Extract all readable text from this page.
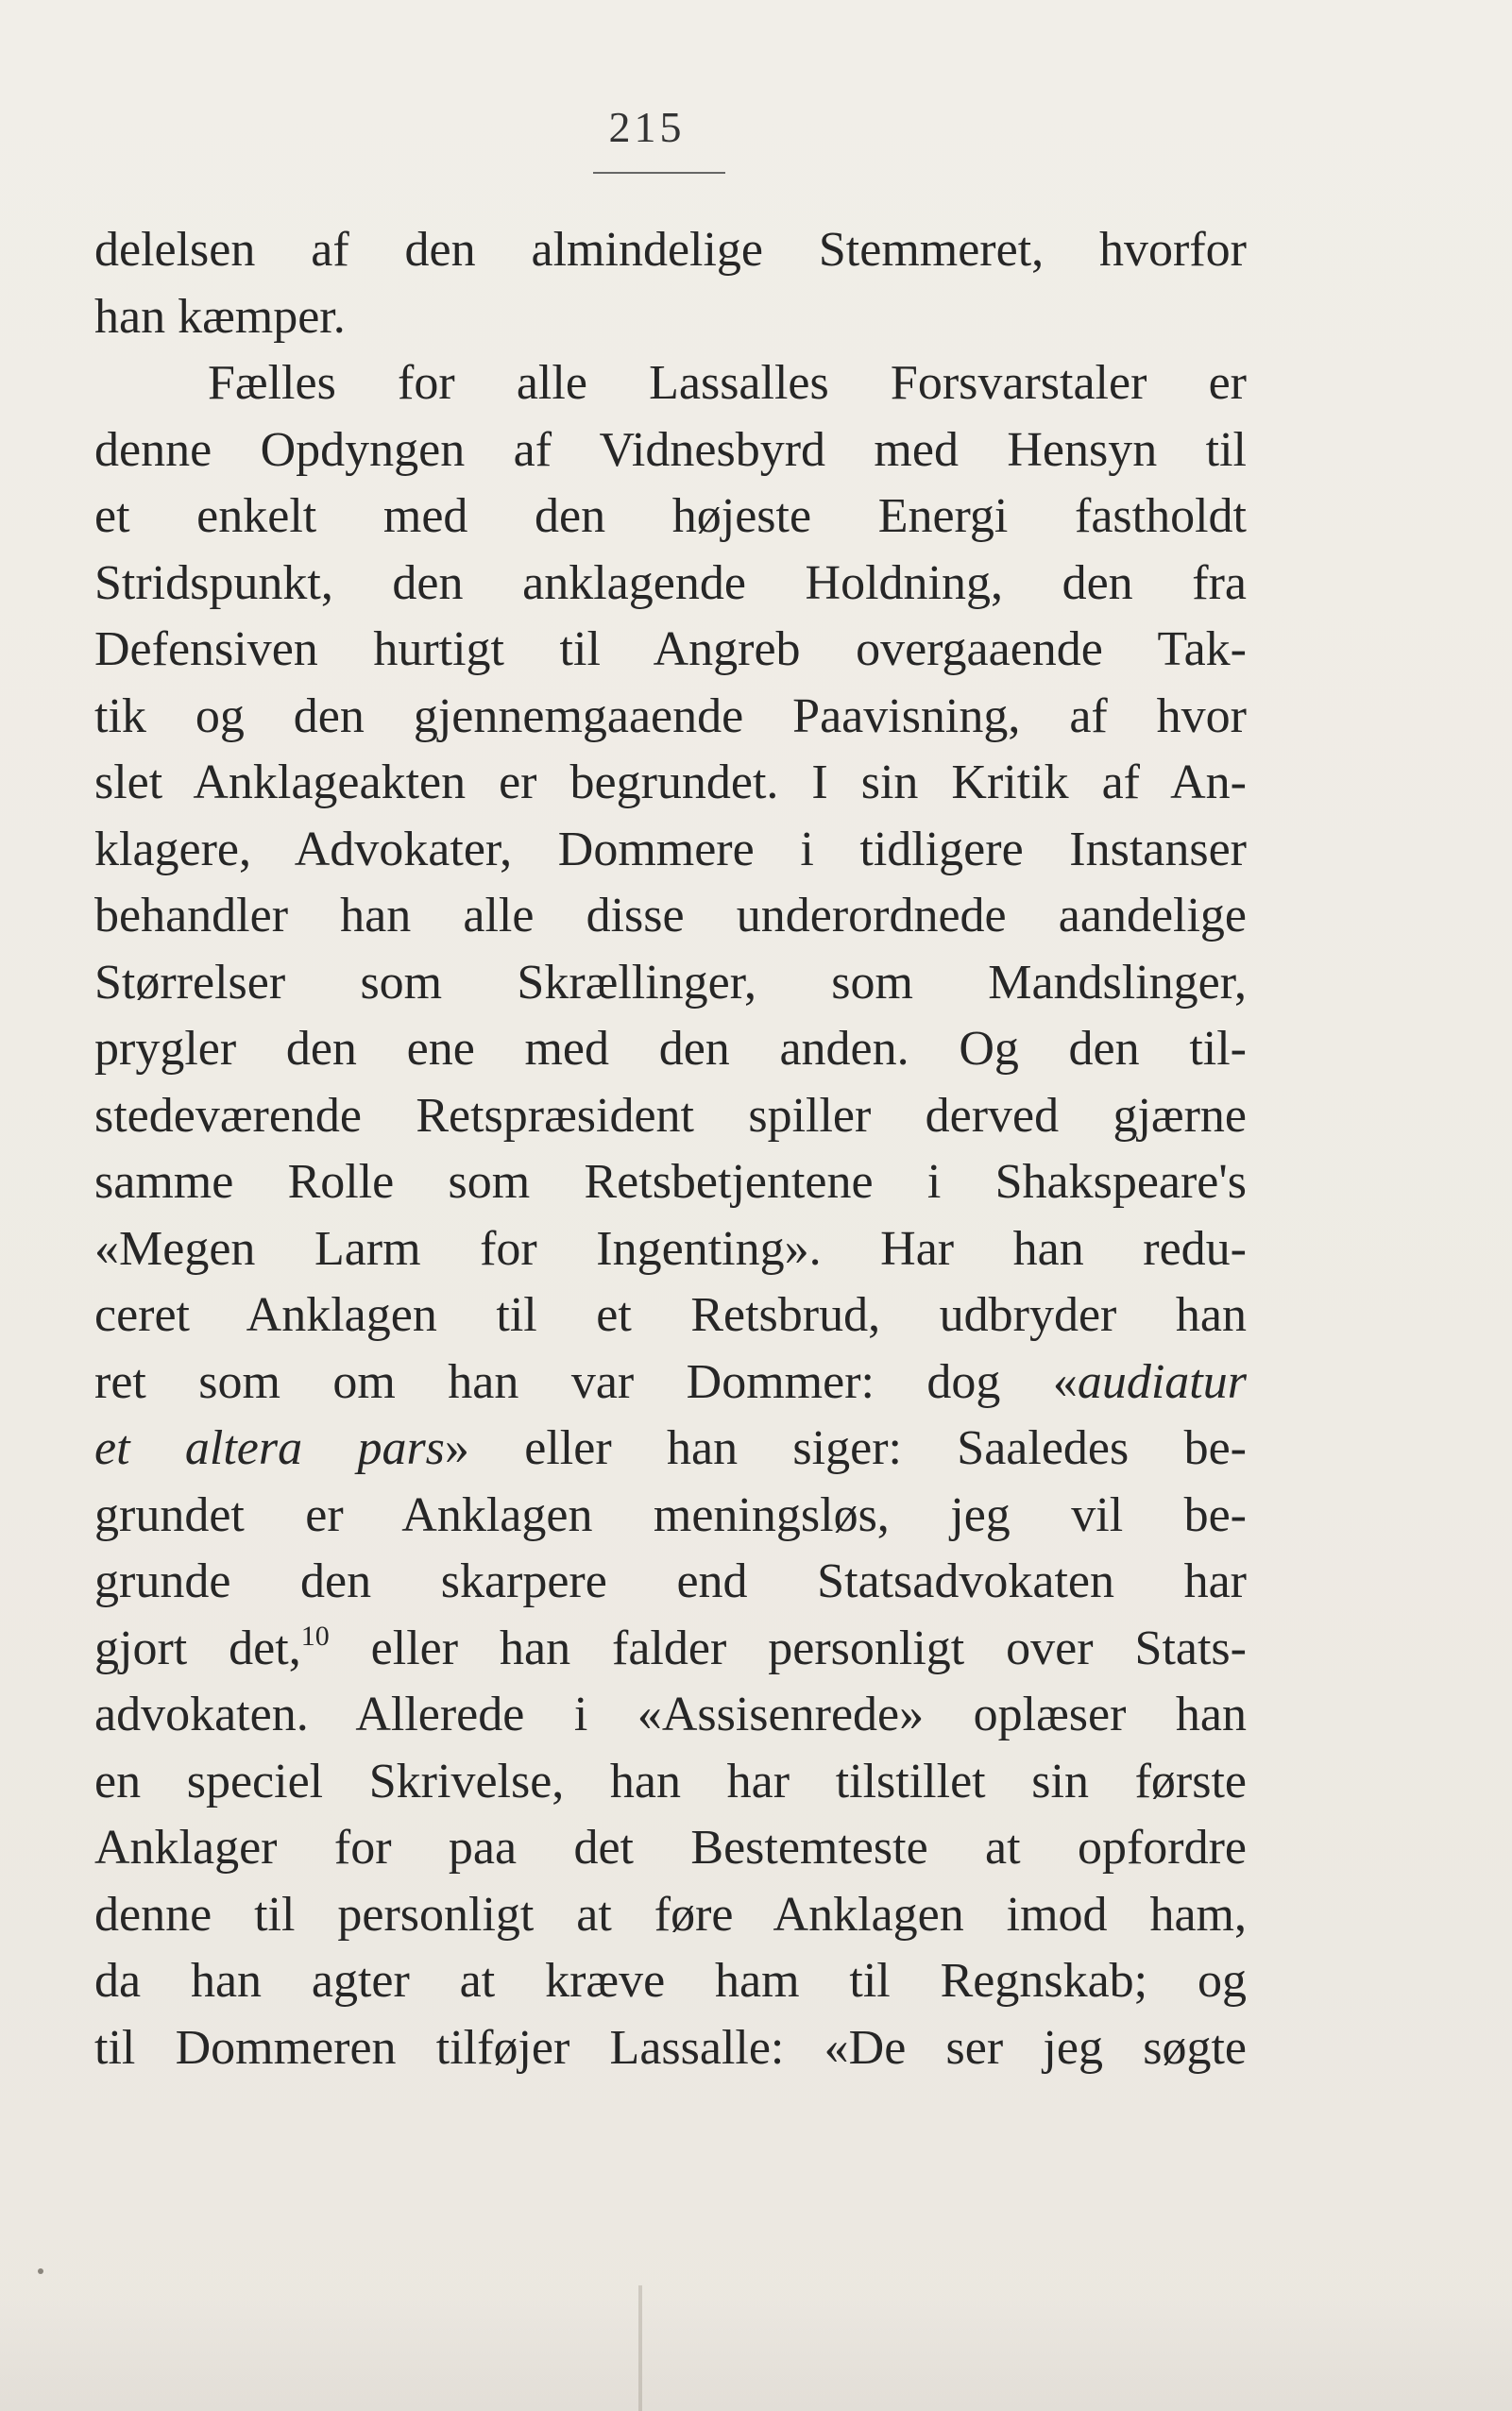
215
delelsen af den almindelige Stemmeret, hvorfor
han kæmper.
Fælles for alle Lassalles Forsvarstaler er
denne Opdyngen af Vidnesbyrd med Hensyn til
et enkelt med den højeste Energi fastholdt
Stridspunkt, den anklagende Holdning, den fra
Defensiven hurtigt til Angreb overgaaende Tak-
tik og den gjennemgaaende Paavisning, af hvor
slet Anklageakten er begrundet. I sin Kritik af An-
klagere, Advokater, Dommere i tidligere Instanser
behandler han alle disse underordnede aandelige
Størrelser som Skrællinger, som Mandslinger,
prygler den ene med den anden. Og den til-
stedeværende Retspræsident spiller derved gjærne
samme Rolle som Retsbetjentene i Shakspeare's
«Megen Larm for Ingenting». Har han redu-
ceret Anklagen til et Retsbrud, udbryder han
ret som om han var Dommer: dog «audiatur
et altera pars» eller han siger: Saaledes be-
grundet er Anklagen meningsløs, jeg vil be-
grunde den skarpere end Statsadvokaten har
gjort det,$^{10}$ eller han falder personligt over Stats-
advokaten. Allerede i «Assisenrede» oplæser han
en speciel Skrivelse, han har tilstillet sin første
Anklager for paa det Bestemteste at opfordre
denne til personligt at føre Anklagen imod ham,
da han agter at kræve ham til Regnskab; og
til Dommeren tilføjer Lassalle: «De ser jeg søgte
